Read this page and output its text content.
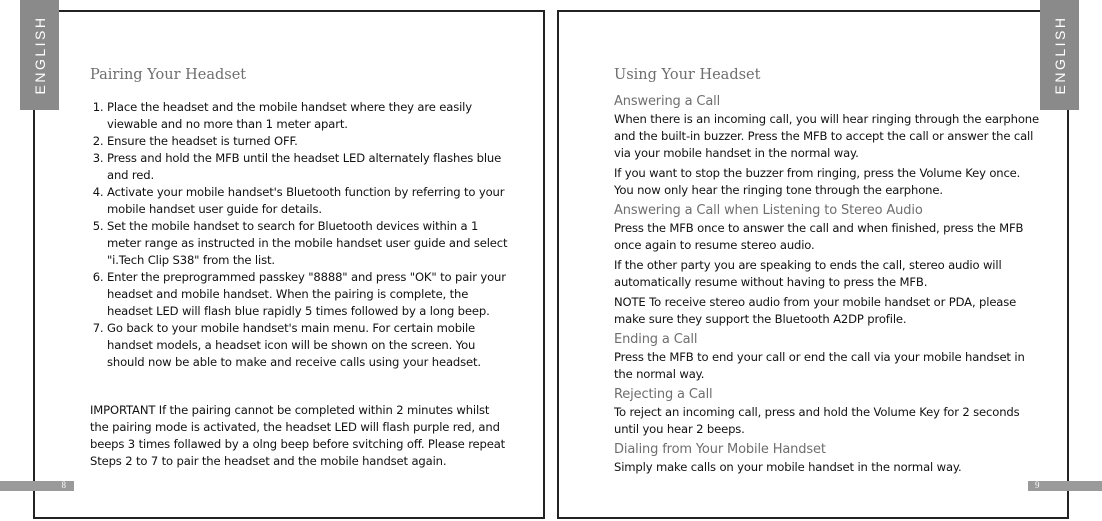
ENGLISH	ENGLISH
Pairing Your Headset
1. Place the headset and the mobile handset where they are easily viewable and no more than 1 meter apart.
2. Ensure the headset is turned OFF.
3. Press and hold the MFB until the headset LED alternately flashes blue and red.
4. Activate your mobile handset's Bluetooth function by referring to your mobile handset user guide for details.
5. Set the mobile handset to search for Bluetooth devices within a 1 meter range as instructed in the mobile handset user guide and select "i.Tech Clip S38" from the list.
6. Enter the preprogrammed passkey "8888" and press "OK" to pair your headset and mobile handset. When the pairing is complete, the headset LED will flash blue rapidly 5 times followed by a long beep.
7. Go back to your mobile handset's main menu. For certain mobile handset models, a headset icon will be shown on the screen. You should now be able to make and receive calls using your headset.

IMPORTANT If the pairing cannot be completed within 2 minutes whilst the pairing mode is activated, the headset LED will flash purple red, and beeps 3 times follawed by a olng beep before svitching off. Please repeat Steps 2 to 7 to pair the headset and the mobile handset again.

Using Your Headset
Answering a Call

When there is an incoming call, you will hear ringing through the earphone and the built-in buzzer. Press the MFB to accept the call or answer the call via your mobile handset in the normal way.

If you want to stop the buzzer from ringing, press the Volume Key once. You now only hear the ringing tone through the earphone.

Answering a Call when Listening to Stereo Audio

Press the MFB once to answer the call and when finished, press the MFB once again to resume stereo audio.

If the other party you are speaking to ends the call, stereo audio will automatically resume without having to press the MFB.

NOTE To receive stereo audio from your mobile handset or PDA, please make sure they support the Bluetooth A2DP profile.

Ending a Call

Press the MFB to end your call or end the call via your mobile handset in the normal way.

Rejecting a Call

To reject an incoming call, press and hold the Volume Key for 2 seconds until you hear 2 beeps.

Dialing from Your Mobile Handset

Simply make calls on your mobile handset in the normal way.

8	9
